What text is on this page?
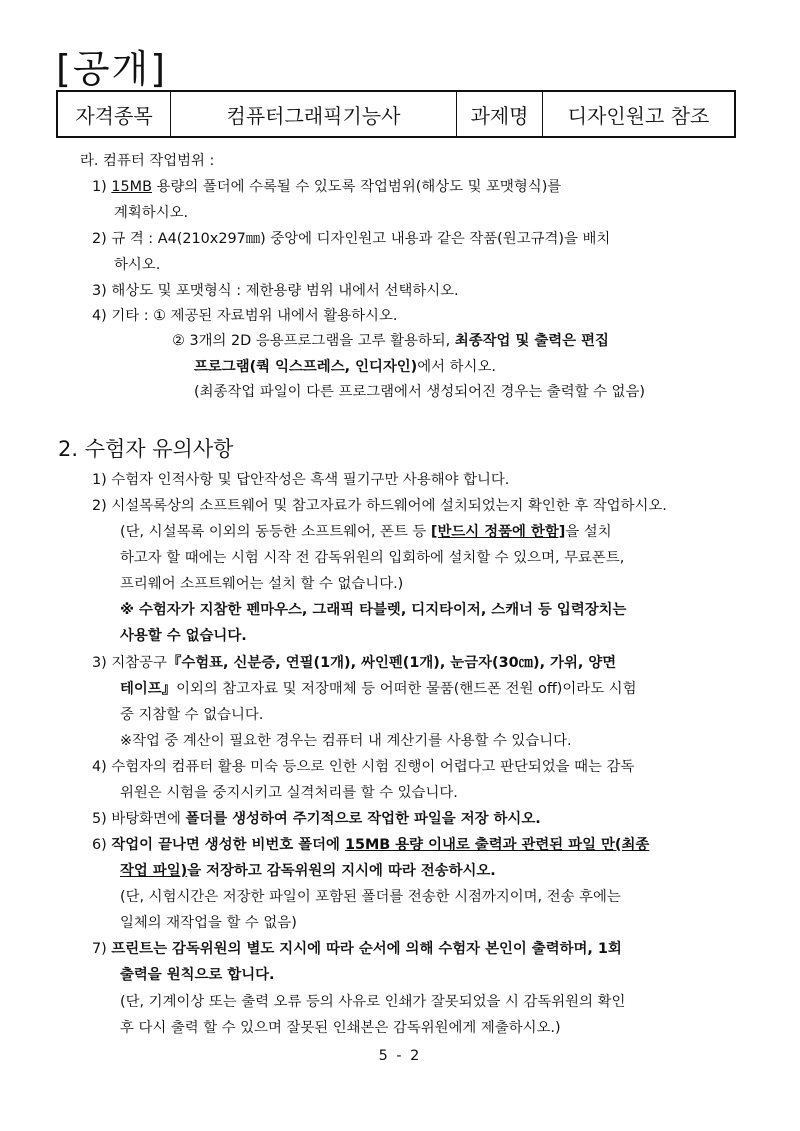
[공개]
자격종목	컴퓨터그래픽기능사	과제명	디자인원고 참조
라. 컴퓨터 작업범위 :
1) 15MB 용량의 폴더에 수록될 수 있도록 작업범위(해상도 및 포맷형식)를
계획하시오.
2) 규 격 : A4(210x297㎜) 중앙에 디자인원고 내용과 같은 작품(원고규격)을 배치
하시오.
3) 해상도 및 포맷형식 : 제한용량 범위 내에서 선택하시오.
4) 기타 : ① 제공된 자료범위 내에서 활용하시오.
② 3개의 2D 응용프로그램을 고루 활용하되, 최종작업 및 출력은 편집
프로그램(쿽 익스프레스, 인디자인)에서 하시오.
(최종작업 파일이 다른 프로그램에서 생성되어진 경우는 출력할 수 없음)
2. 수험자 유의사항
1) 수험자 인적사항 및 답안작성은 흑색 필기구만 사용해야 합니다.
2) 시설목록상의 소프트웨어 및 참고자료가 하드웨어에 설치되었는지 확인한 후 작업하시오.
(단, 시설목록 이외의 동등한 소프트웨어, 폰트 등 [반드시 정품에 한함]을 설치
하고자 할 때에는 시험 시작 전 감독위원의 입회하에 설치할 수 있으며, 무료폰트,
프리웨어 소프트웨어는 설치 할 수 없습니다.)
※ 수험자가 지참한 펜마우스, 그래픽 타블렛, 디지타이저, 스캐너 등 입력장치는
사용할 수 없습니다.
3) 지참공구『수험표, 신분증, 연필(1개), 싸인펜(1개), 눈금자(30㎝), 가위, 양면
테이프』이외의 참고자료 및 저장매체 등 어떠한 물품(핸드폰 전원 off)이라도 시험
중 지참할 수 없습니다.
※작업 중 계산이 필요한 경우는 컴퓨터 내 계산기를 사용할 수 있습니다.
4) 수험자의 컴퓨터 활용 미숙 등으로 인한 시험 진행이 어렵다고 판단되었을 때는 감독
위원은 시험을 중지시키고 실격처리를 할 수 있습니다.
5) 바탕화면에 폴더를 생성하여 주기적으로 작업한 파일을 저장 하시오.
6) 작업이 끝나면 생성한 비번호 폴더에 15MB 용량 이내로 출력과 관련된 파일 만(최종
작업 파일)을 저장하고 감독위원의 지시에 따라 전송하시오.
(단, 시험시간은 저장한 파일이 포함된 폴더를 전송한 시점까지이며, 전송 후에는
일체의 재작업을 할 수 없음)
7) 프린트는 감독위원의 별도 지시에 따라 순서에 의해 수험자 본인이 출력하며, 1회
출력을 원칙으로 합니다.
(단, 기계이상 또는 출력 오류 등의 사유로 인쇄가 잘못되었을 시 감독위원의 확인
후 다시 출력 할 수 있으며 잘못된 인쇄본은 감독위원에게 제출하시오.)
5 - 2
